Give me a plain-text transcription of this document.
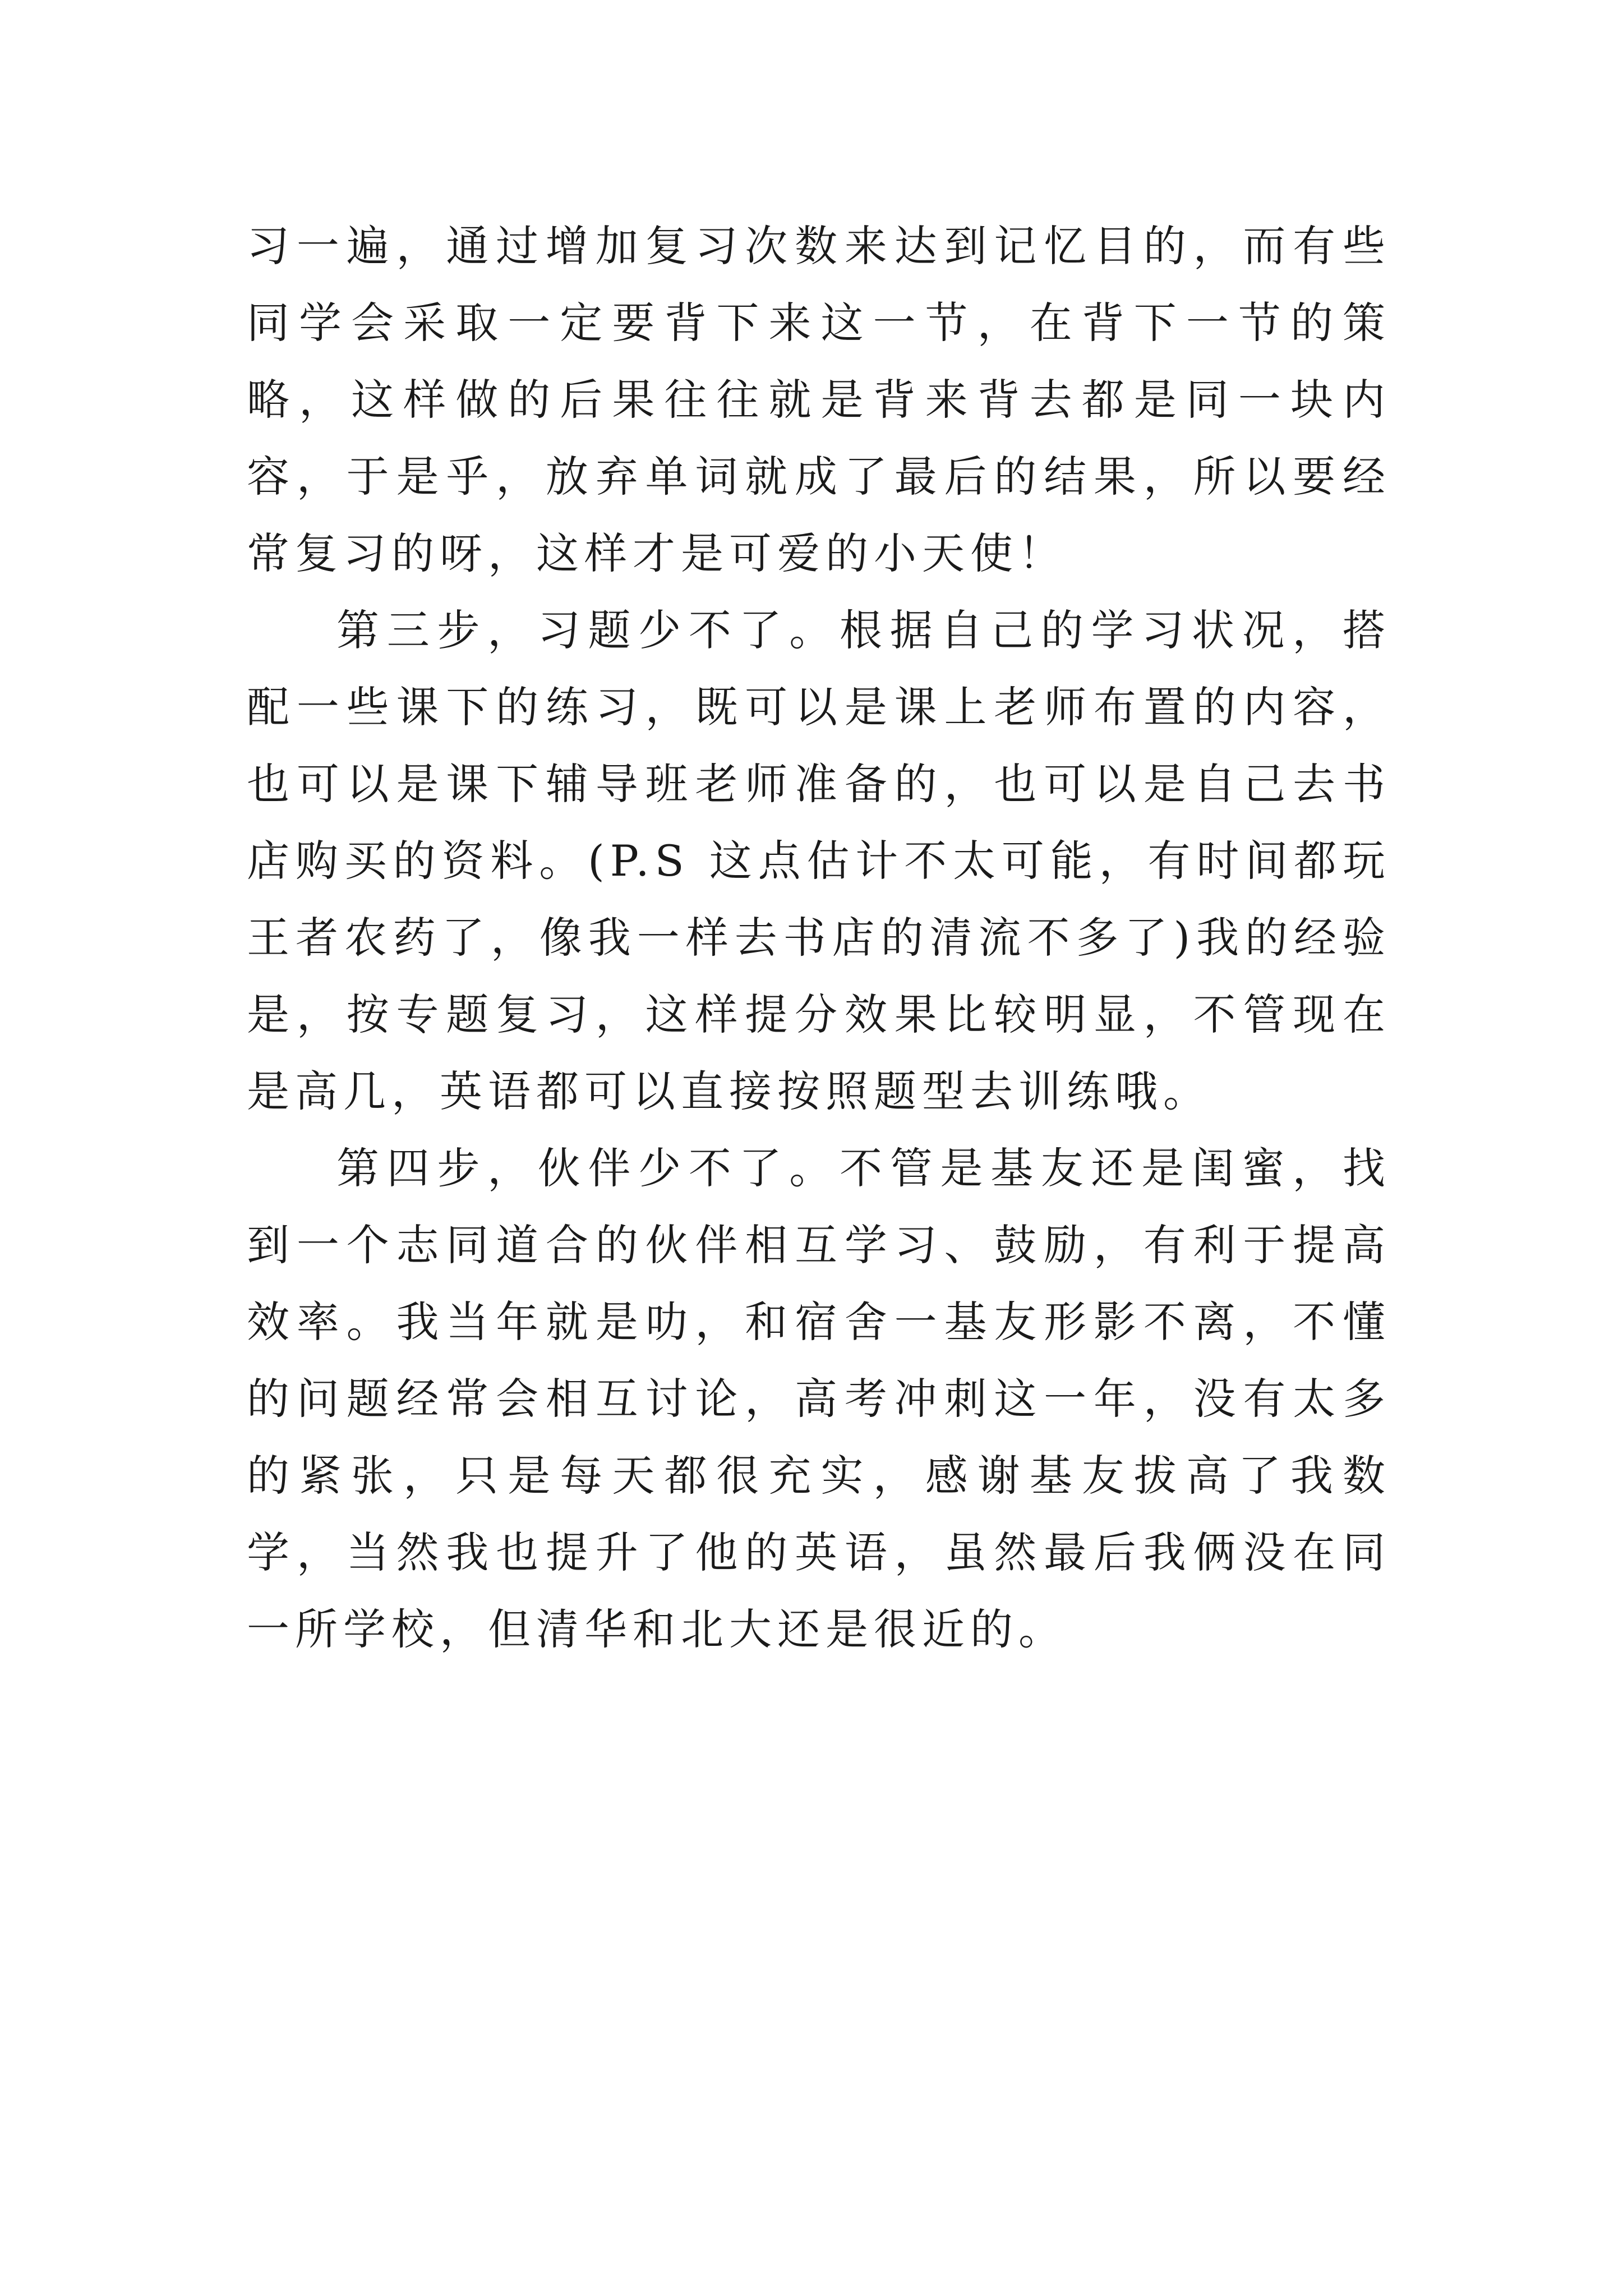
习一遍，通过增加复习次数来达到记忆目的，而有些同学会采取一定要背下来这一节，在背下一节的策略，这样做的后果往往就是背来背去都是同一块内容，于是乎，放弃单词就成了最后的结果，所以要经常复习的呀，这样才是可爱的小天使！

第三步，习题少不了。根据自己的学习状况，搭配一些课下的练习，既可以是课上老师布置的内容，也可以是课下辅导班老师准备的，也可以是自己去书店购买的资料。(P.S 这点估计不太可能，有时间都玩王者农药了，像我一样去书店的清流不多了)我的经验是，按专题复习，这样提分效果比较明显，不管现在是高几，英语都可以直接按照题型去训练哦。

第四步，伙伴少不了。不管是基友还是闺蜜，找到一个志同道合的伙伴相互学习、鼓励，有利于提高效率。我当年就是叻，和宿舍一基友形影不离，不懂的问题经常会相互讨论，高考冲刺这一年，没有太多的紧张，只是每天都很充实，感谢基友拔高了我数学，当然我也提升了他的英语，虽然最后我俩没在同一所学校，但清华和北大还是很近的。
